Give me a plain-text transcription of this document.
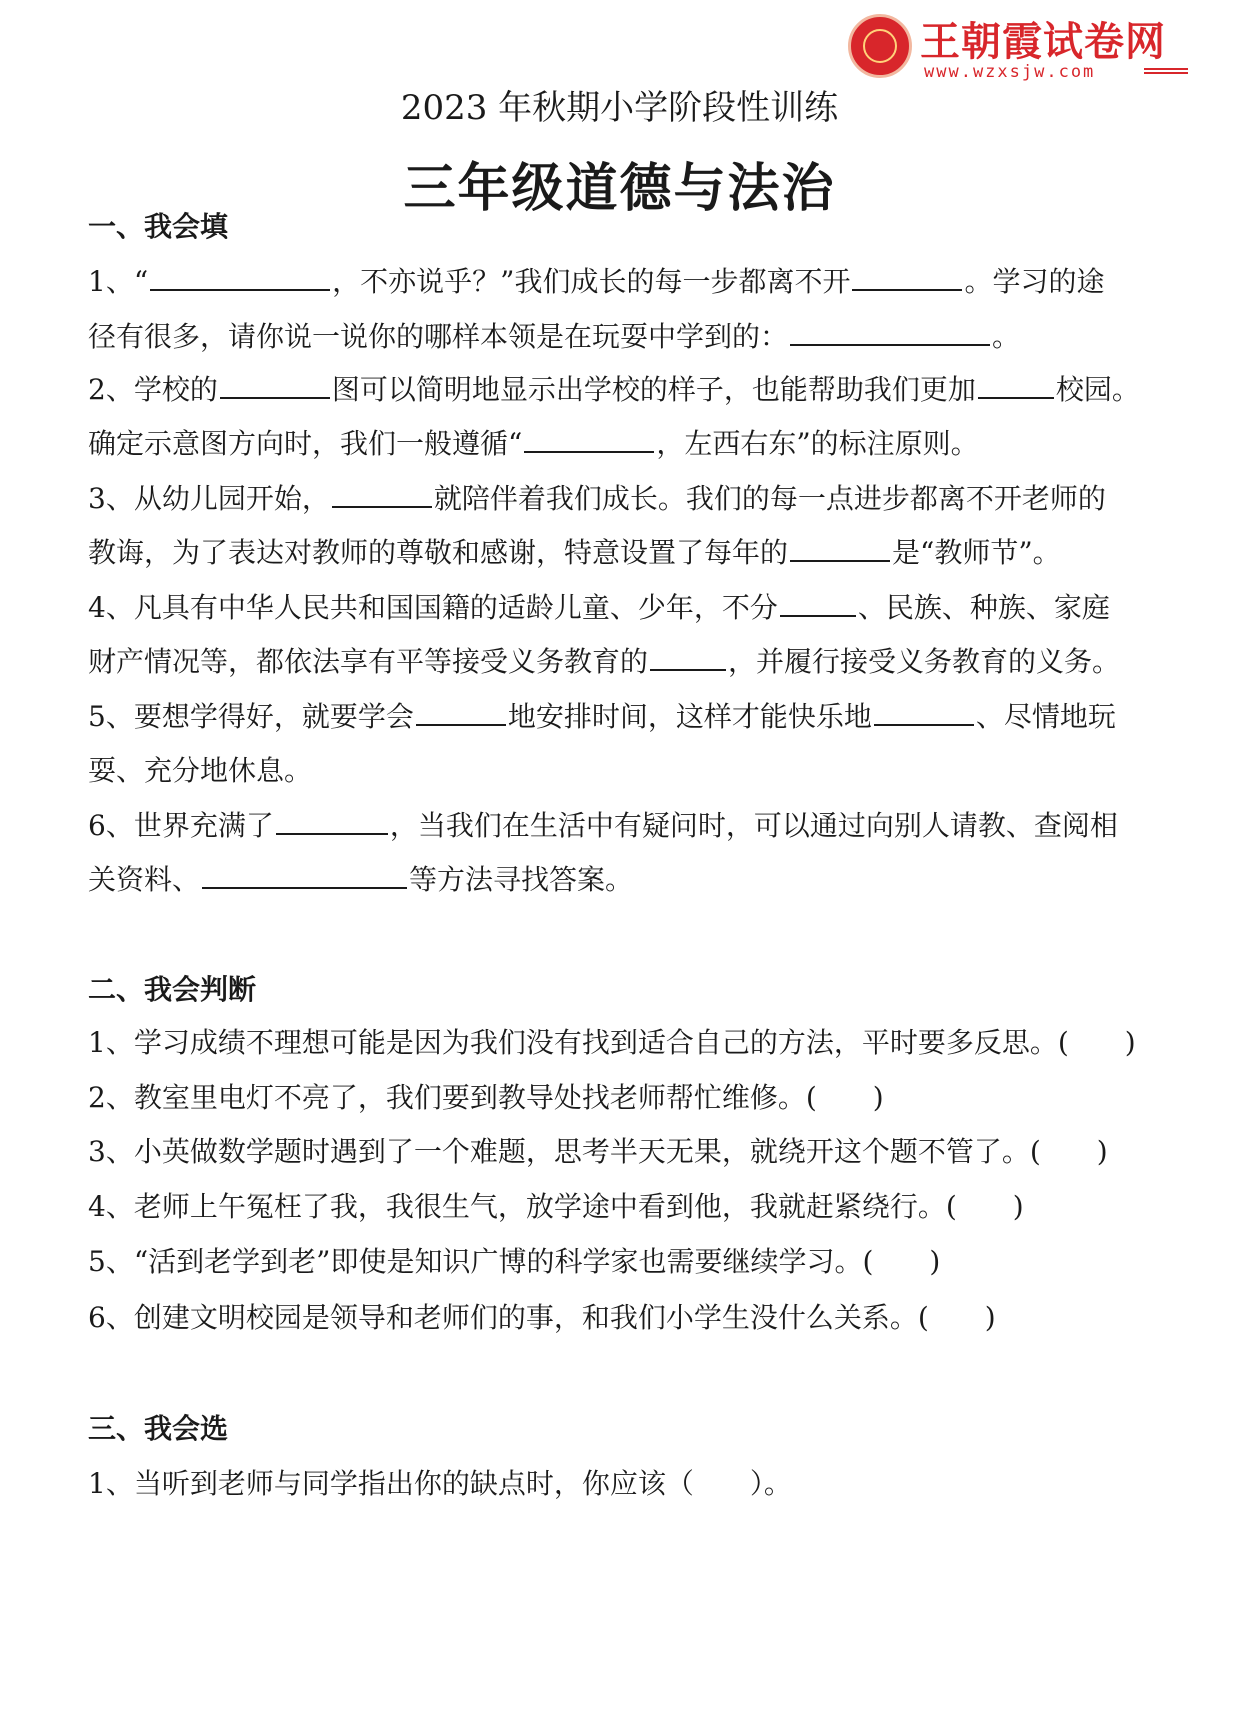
王朝霞试卷网
www.wzxsjw.com
2023 年秋期小学阶段性训练
三年级道德与法治
一、我会填
1、“	，不亦说乎？”我们成长的每一步都离不开	。学习的途
径有很多，请你说一说你的哪样本领是在玩耍中学到的：	。
2、学校的	图可以简明地显示出学校的样子，也能帮助我们更加	校园。
确定示意图方向时，我们一般遵循“	，左西右东”的标注原则。
3、从幼儿园开始，	就陪伴着我们成长。我们的每一点进步都离不开老师的
教诲，为了表达对教师的尊敬和感谢，特意设置了每年的	是“教师节”。
4、凡具有中华人民共和国国籍的适龄儿童、少年，不分	、民族、种族、家庭
财产情况等，都依法享有平等接受义务教育的	，并履行接受义务教育的义务。
5、要想学得好，就要学会	地安排时间，这样才能快乐地	、尽情地玩
耍、充分地休息。
6、世界充满了	，当我们在生活中有疑问时，可以通过向别人请教、查阅相
关资料、	等方法寻找答案。
二、我会判断
1、学习成绩不理想可能是因为我们没有找到适合自己的方法，平时要多反思。(　　)
2、教室里电灯不亮了，我们要到教导处找老师帮忙维修。(　　)
3、小英做数学题时遇到了一个难题，思考半天无果，就绕开这个题不管了。(　　)
4、老师上午冤枉了我，我很生气，放学途中看到他，我就赶紧绕行。(　　)
5、“活到老学到老”即使是知识广博的科学家也需要继续学习。(　　)
6、创建文明校园是领导和老师们的事，和我们小学生没什么关系。(　　)
三、我会选
1、当听到老师与同学指出你的缺点时，你应该（　　）。
